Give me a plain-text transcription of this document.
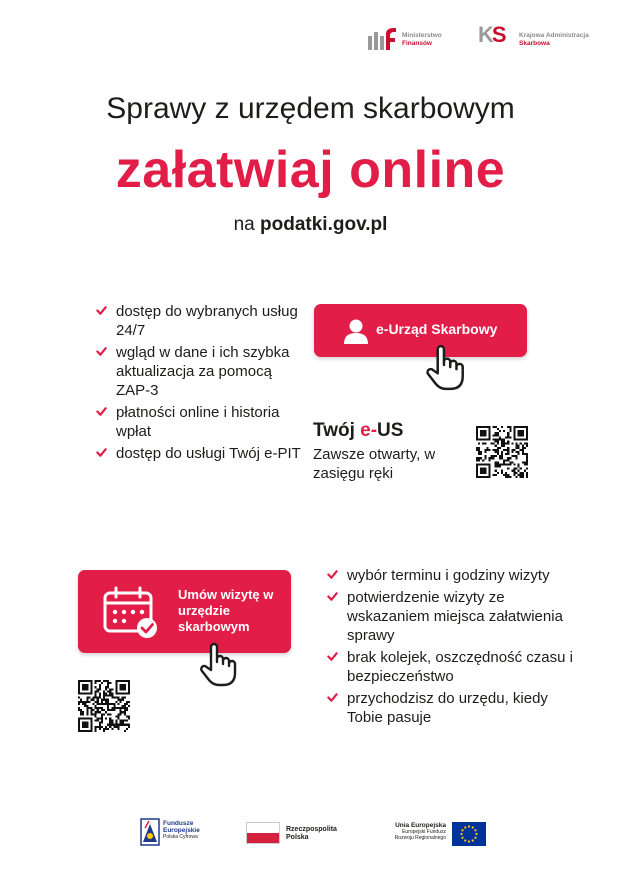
Ministerstwo
Finansów	KS Krajowa Administracja
Skarbowa
Sprawy z urzędem skarbowym
załatwiaj online
na podatki.gov.pl
dostęp do wybranych usług 24/7
wgląd w dane i ich szybka aktualizacja za pomocą ZAP-3
płatności online i historia wpłat
dostęp do usługi Twój e-PIT
e-Urząd Skarbowy
Twój e-US
Zawsze otwarty, w zasięgu ręki
Umów wizytę w urzędzie skarbowym
wybór terminu i godziny wizyty
potwierdzenie wizyty ze wskazaniem miejsca załatwienia sprawy
brak kolejek, oszczędność czasu i bezpieczeństwo
przychodzisz do urzędu, kiedy Tobie pasuje
Fundusze
Europejskie
Polska Cyfrowa
Rzeczpospolita
Polska
Unia Europejska
Europejski Fundusz
Rozwoju Regionalnego
